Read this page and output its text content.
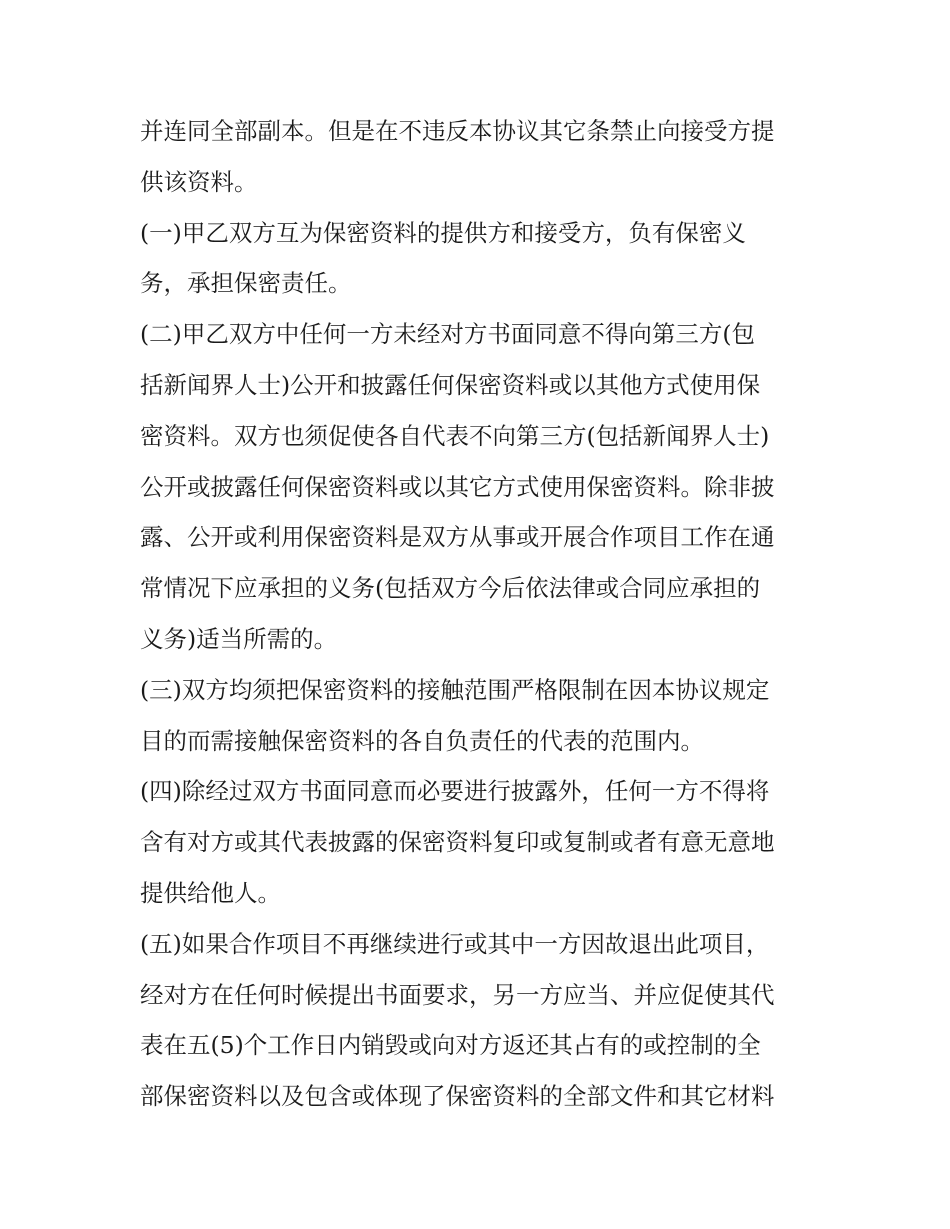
并连同全部副本。但是在不违反本协议其它条禁止向接受方提
供该资料。
(一)甲乙双方互为保密资料的提供方和接受方，负有保密义
务，承担保密责任。
(二)甲乙双方中任何一方未经对方书面同意不得向第三方(包
括新闻界人士)公开和披露任何保密资料或以其他方式使用保
密资料。双方也须促使各自代表不向第三方(包括新闻界人士)
公开或披露任何保密资料或以其它方式使用保密资料。除非披
露、公开或利用保密资料是双方从事或开展合作项目工作在通
常情况下应承担的义务(包括双方今后依法律或合同应承担的
义务)适当所需的。
(三)双方均须把保密资料的接触范围严格限制在因本协议规定
目的而需接触保密资料的各自负责任的代表的范围内。
(四)除经过双方书面同意而必要进行披露外，任何一方不得将
含有对方或其代表披露的保密资料复印或复制或者有意无意地
提供给他人。
(五)如果合作项目不再继续进行或其中一方因故退出此项目，
经对方在任何时候提出书面要求，另一方应当、并应促使其代
表在五(5)个工作日内销毁或向对方返还其占有的或控制的全
部保密资料以及包含或体现了保密资料的全部文件和其它材料
